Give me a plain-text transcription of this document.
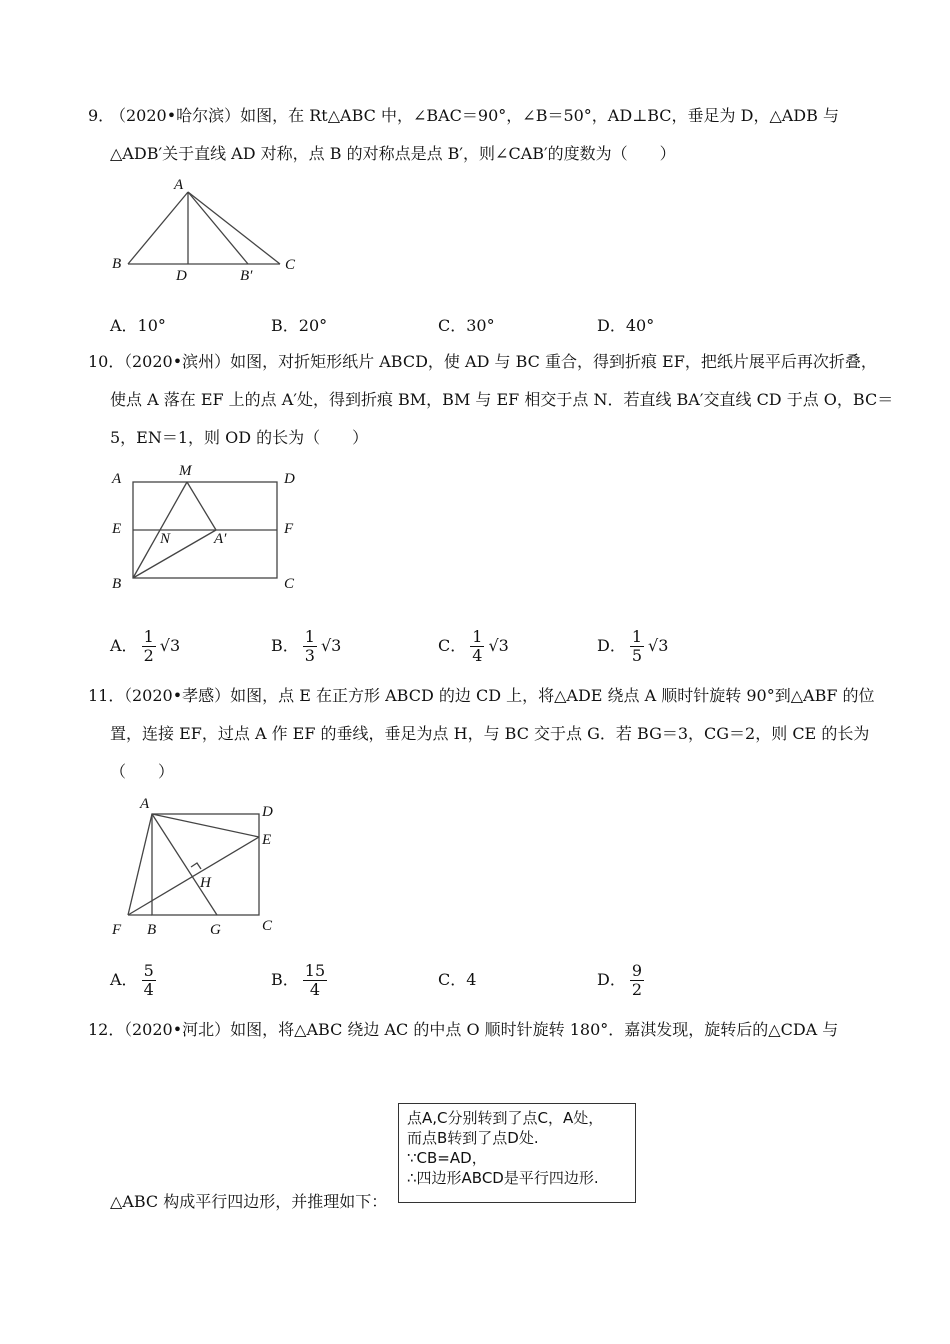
9．
（2020•哈尔滨）如图，在 Rt△ABC 中，∠BAC＝90°，∠B＝50°，AD⊥BC，垂足为 D，△ADB 与
△ADB′关于直线 AD 对称，点 B 的对称点是点 B′，则∠CAB′的度数为（　　）
A
B
D	B′
C
A．10°	B．20°	C．30°	D．40°
10．
（2020•滨州）如图，对折矩形纸片 ABCD，使 AD 与 BC 重合，得到折痕 EF，把纸片展平后再次折叠，
使点 A 落在 EF 上的点 A′处，得到折痕 BM，BM 与 EF 相交于点 N．若直线 BA′交直线 CD 于点 O，BC＝
5，EN＝1，则 OD 的长为（　　）
A	M	D
E	F
N	A′
B	C
A． $\frac{1}{2} √3$	B． $\frac{1}{3} √3$	C． $\frac{1}{4} √3$	D． $\frac{1}{5} √3$
11．
（2020•孝感）如图，点 E 在正方形 ABCD 的边 CD 上，将△ADE 绕点 A 顺时针旋转 90°到△ABF 的位
置，连接 EF，过点 A 作 EF 的垂线，垂足为点 H，与 BC 交于点 G．若 BG＝3，CG＝2，则 CE 的长为
（　　）
A	D
E
H
F B	G	C
A． $\frac{5}{4}$	B． $\frac{15}{4}$	C．4	D． $\frac{9}{2}$
12．
（2020•河北）如图，将△ABC 绕边 AC 的中点 O 顺时针旋转 180°．嘉淇发现，旋转后的△CDA 与
△ABC 构成平行四边形，并推理如下：
点A,C分别转到了点C，A处，
而点B转到了点D处.
∵CB=AD，
∴四边形ABCD是平行四边形.
